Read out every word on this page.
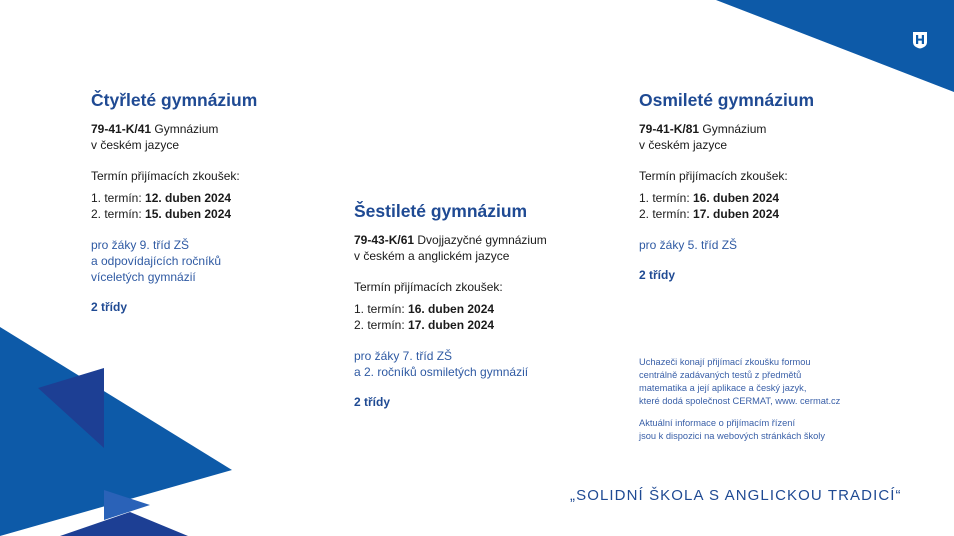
Čtyřleté gymnázium
79-41-K/41 Gymnázium
v českém jazyce
Termín přijímacích zkoušek:
1. termín: 12. duben 2024
2. termín: 15. duben 2024
pro žáky 9. tříd ZŠ
a odpovídajících ročníků
víceletých gymnázií
2 třídy
Šestileté gymnázium
79-43-K/61 Dvojjazyčné gymnázium
v českém a anglickém jazyce
Termín přijímacích zkoušek:
1. termín: 16. duben 2024
2. termín: 17. duben 2024
pro žáky 7. tříd ZŠ
a 2. ročníků osmiletých gymnázií
2 třídy
Osmileté gymnázium
79-41-K/81 Gymnázium
v českém jazyce
Termín přijímacích zkoušek:
1. termín: 16. duben 2024
2. termín: 17. duben 2024
pro žáky 5. tříd ZŠ
2 třídy
Uchazeči konají přijímací zkoušku formou
centrálně zadávaných testů z předmětů
matematika a její aplikace a český jazyk,
které dodá společnost CERMAT, www. cermat.cz
Aktuální informace o přijímacím řízení
jsou k dispozici na webových stránkách školy
„SOLIDNÍ ŠKOLA S ANGLICKOU TRADICÍ“
